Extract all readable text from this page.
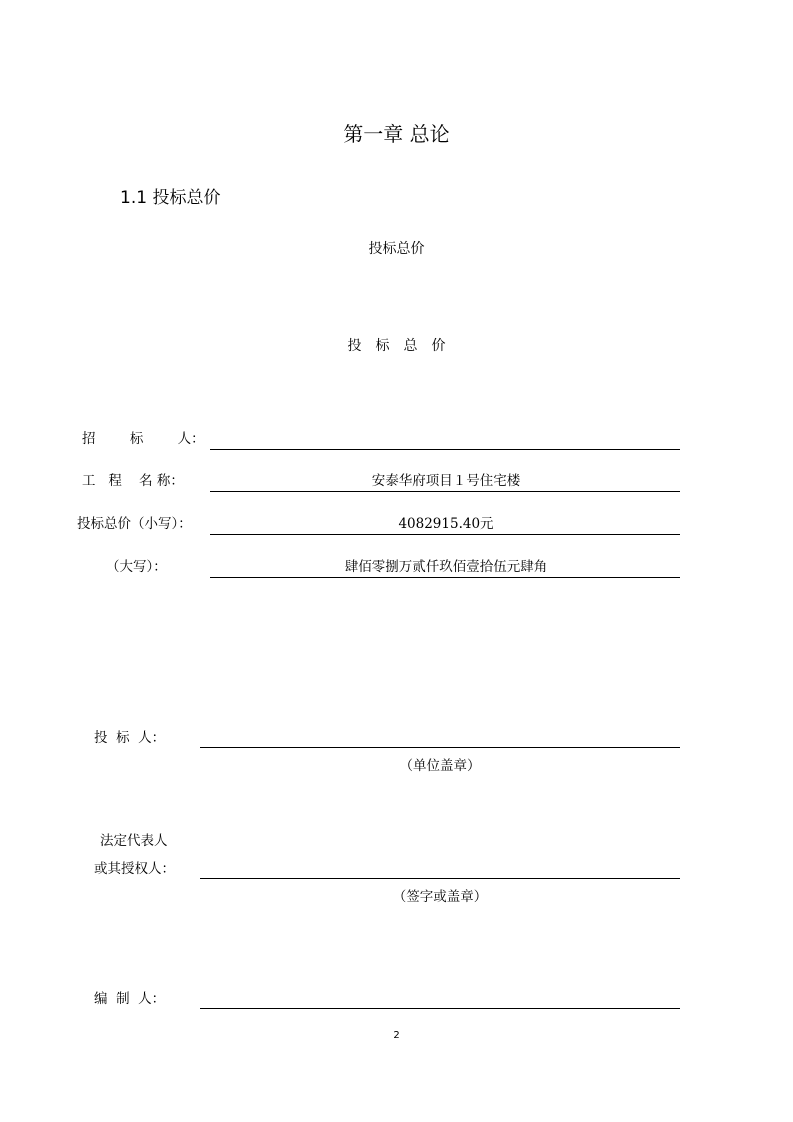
第一章 总论
1.1 投标总价
投标总价
投标总价
招        标        人：
工   程    名 称：	安泰华府项目１号住宅楼
投标总价（小写）：	4082915.40元
（大写）：	肆佰零捌万贰仟玖佰壹拾伍元肆角
投  标  人：
（单位盖章）
法定代表人
或其授权人：
（签字或盖章）
编  制  人：
2
